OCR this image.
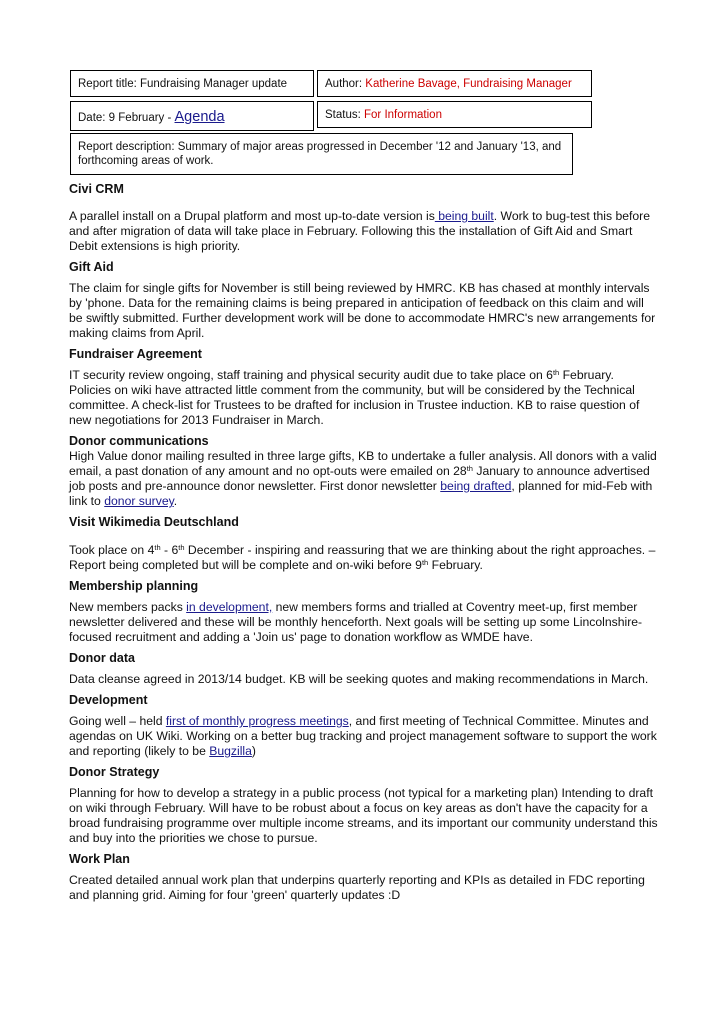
Report title: Fundraising Manager update	Author: Katherine Bavage, Fundraising Manager
Date: 9 February - Agenda	Status: For Information
Report description: Summary of major areas progressed in December '12 and January '13, and forthcoming areas of work.
Civi CRM

A parallel install on a Drupal platform and most up-to-date version is being built. Work to bug-test this before and after migration of data will take place in February. Following this the installation of Gift Aid and Smart Debit extensions is high priority.

Gift Aid

The claim for single gifts for November is still being reviewed by HMRC. KB has chased at monthly intervals by 'phone. Data for the remaining claims is being prepared in anticipation of feedback on this claim and will be swiftly submitted. Further development work will be done to accommodate HMRC's new arrangements for making claims from April.

Fundraiser Agreement

IT security review ongoing, staff training and physical security audit due to take place on 6th February. Policies on wiki have attracted little comment from the community, but will be considered by the Technical committee. A check-list for Trustees to be drafted for inclusion in Trustee induction. KB to raise question of new negotiations for 2013 Fundraiser in March.

Donor communications

High Value donor mailing resulted in three large gifts, KB to undertake a fuller analysis. All donors with a valid email, a past donation of any amount and no opt-outs were emailed on 28th January to announce advertised job posts and pre-announce donor newsletter. First donor newsletter being drafted, planned for mid-Feb with link to donor survey.

Visit Wikimedia Deutschland

Took place on 4th - 6th December - inspiring and reassuring that we are thinking about the right approaches. – Report being completed but will be complete and on-wiki before 9th February.

Membership planning

New members packs in development, new members forms and trialled at Coventry meet-up, first member newsletter delivered and these will be monthly henceforth. Next goals will be setting up some Lincolnshire-focused recruitment and adding a 'Join us' page to donation workflow as WMDE have.

Donor data

Data cleanse agreed in 2013/14 budget. KB will be seeking quotes and making recommendations in March.

Development

Going well – held first of monthly progress meetings, and first meeting of Technical Committee. Minutes and agendas on UK Wiki. Working on a better bug tracking and project management software to support the work and reporting (likely to be Bugzilla)

Donor Strategy

Planning for how to develop a strategy in a public process (not typical for a marketing plan) Intending to draft on wiki through February. Will have to be robust about a focus on key areas as don't have the capacity for a broad fundraising programme over multiple income streams, and its important our community understand this and buy into the priorities we chose to pursue.

Work Plan

Created detailed annual work plan that underpins quarterly reporting and KPIs as detailed in FDC reporting and planning grid. Aiming for four 'green' quarterly updates :D
